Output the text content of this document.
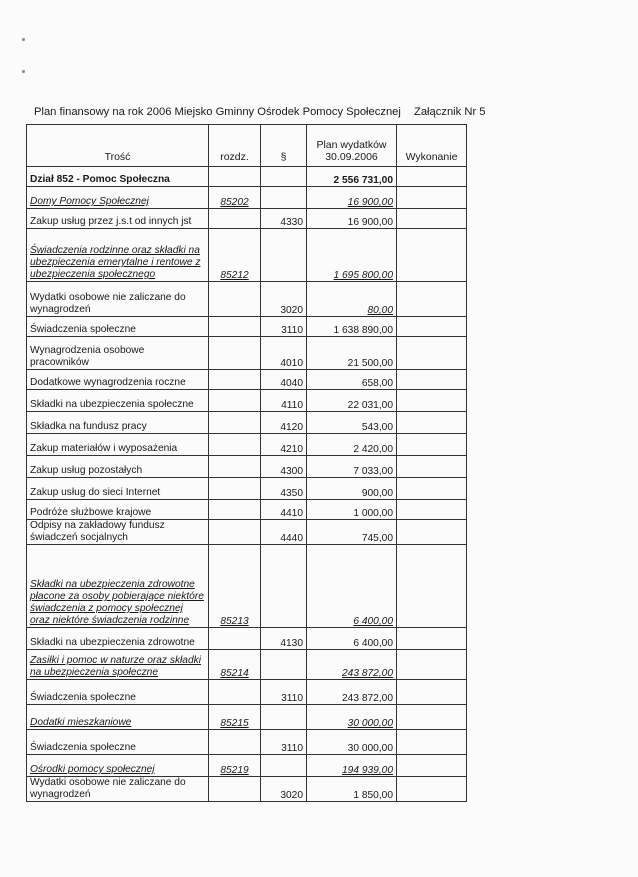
Plan finansowy na rok 2006 Miejsko Gminny Ośrodek Pomocy Społecznej Załącznik Nr 5
Trość	rozdz.	§	Plan wydatków 30.09.2006	Wykonanie
Dział 852 - Pomoc Społeczna			2 556 731,00	
Domy Pomocy Społecznej	85202		16 900,00	
Zakup usług przez j.s.t od innych jst		4330	16 900,00	
Świadczenia rodzinne oraz składki na ubezpieczenia emerytalne i rentowe z ubezpieczenia społecznego	85212		1 695 800,00	
Wydatki osobowe nie zaliczane do wynagrodzeń		3020	80,00	
Świadczenia społeczne		3110	1 638 890,00	
Wynagrodzenia osobowe pracowników		4010	21 500,00	
Dodatkowe wynagrodzenia roczne		4040	658,00	
Składki na ubezpieczenia społeczne		4110	22 031,00	
Składka na fundusz pracy		4120	543,00	
Zakup materiałów i wyposażenia		4210	2 420,00	
Zakup usług pozostałych		4300	7 033,00	
Zakup usług do sieci Internet		4350	900,00	
Podróże służbowe krajowe		4410	1 000,00	
Odpisy na zakładowy fundusz świadczeń socjalnych		4440	745,00	
Składki na ubezpieczenia zdrowotne płacone za osoby pobierające niektóre świadczenia z pomocy społecznej oraz niektóre świadczenia rodzinne	85213		6 400,00	
Składki na ubezpieczenia zdrowotne		4130	6 400,00	
Zasiłki i pomoc w naturze oraz składki na ubezpieczenia społeczne	85214		243 872,00	
Świadczenia społeczne		3110	243 872,00	
Dodatki mieszkaniowe	85215		30 000,00	
Świadczenia społeczne		3110	30 000,00	
Ośrodki pomocy społecznej	85219		194 939,00	
Wydatki osobowe nie zaliczane do wynagrodzeń		3020	1 850,00	
